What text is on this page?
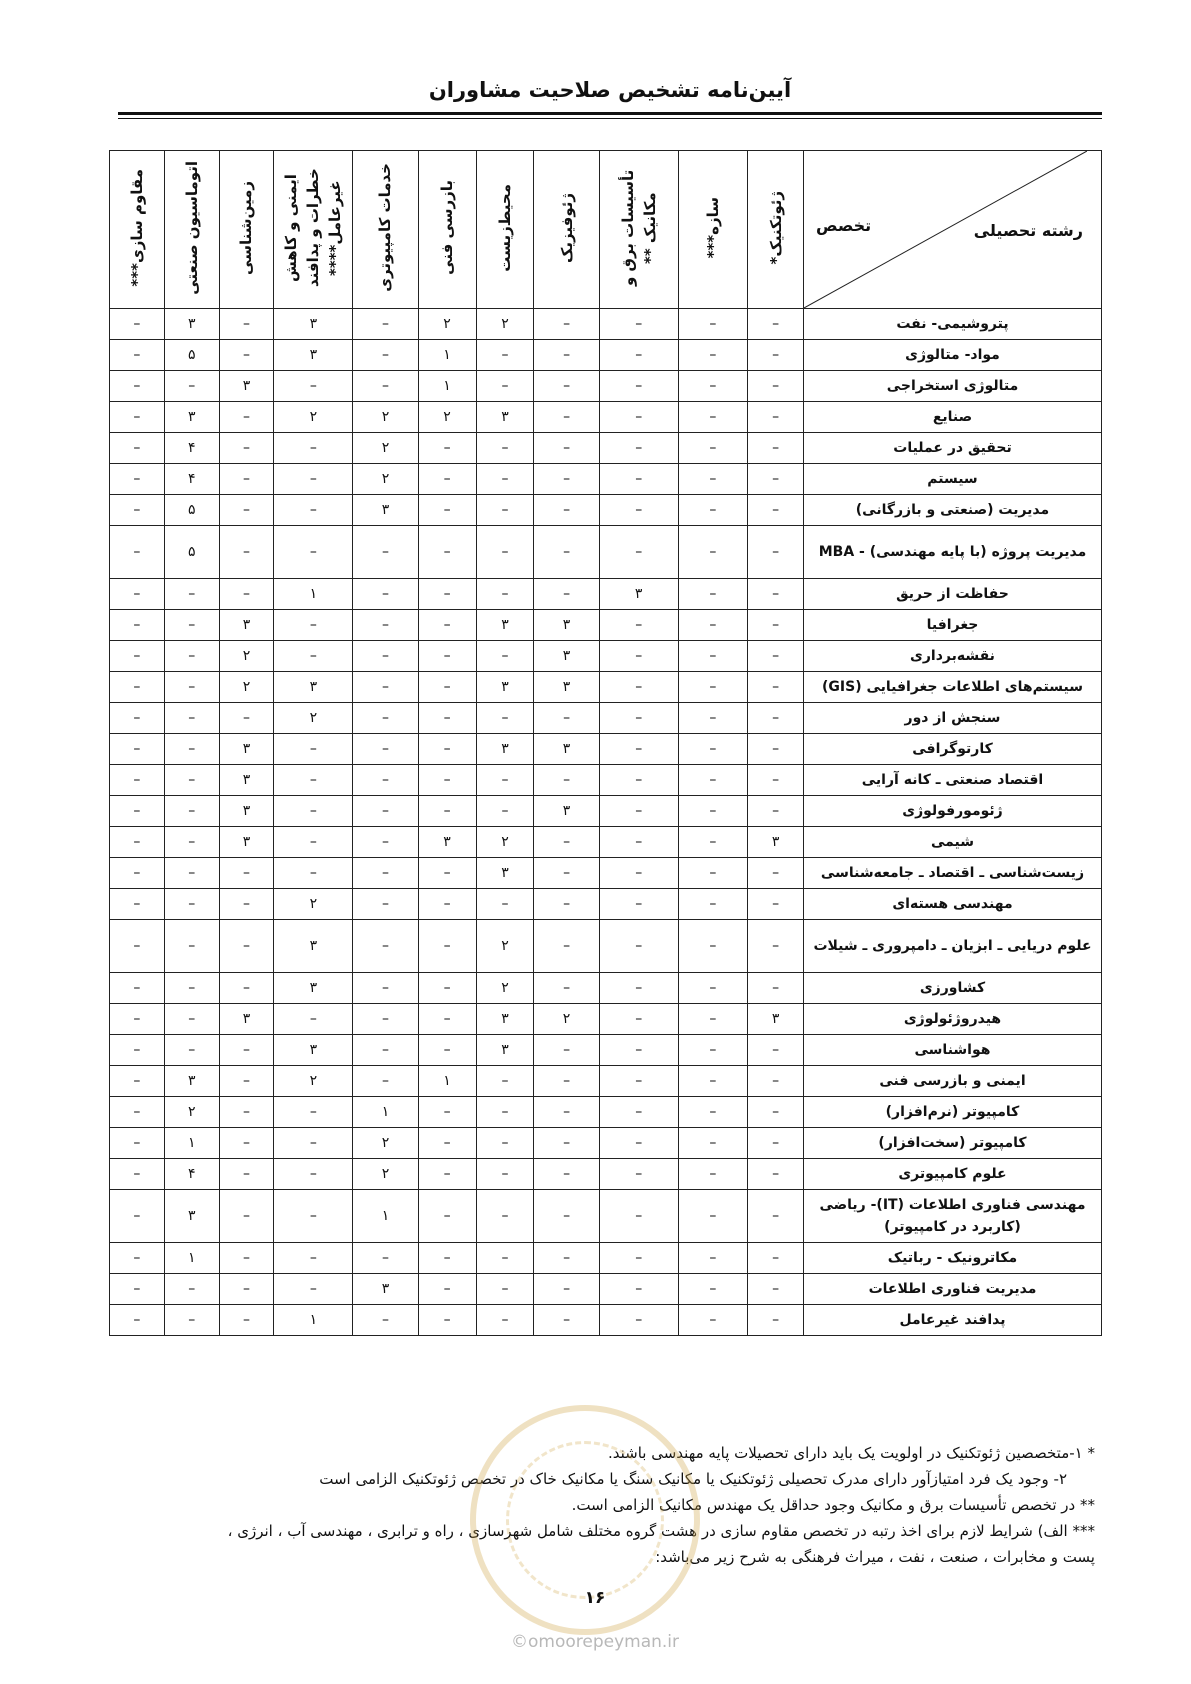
آیین‌نامه تشخیص صلاحیت مشاوران
رشته تحصیلی
تخصص	ژئوتکنیک*	سازه***	تأسیسات برق و مکانیک **	ژئوفیزیک	محیط‌زیست	بازرسی فنی	خدمات کامپیوتری	ایمنی و کاهش خطرات و پدافند غیرعامل****	زمین‌شناسی	اتوماسیون صنعتی	مقاوم سازی***
پتروشیمی- نفت	–	–	–	–	۲	۲	–	۳	–	۳	–
مواد- متالوژی	–	–	–	–	–	۱	–	۳	–	۵	–
متالوژی استخراجی	–	–	–	–	–	۱	–	–	۳	–	–
صنایع	–	–	–	–	۳	۲	۲	۲	–	۳	–
تحقیق در عملیات	–	–	–	–	–	–	۲	–	–	۴	–
سیستم	–	–	–	–	–	–	۲	–	–	۴	–
مدیریت (صنعتی و بازرگانی)	–	–	–	–	–	–	۳	–	–	۵	–
مدیریت پروژه (با پایه مهندسی) - MBA	–	–	–	–	–	–	–	–	–	۵	–
حفاظت از حریق	–	–	۳	–	–	–	–	۱	–	–	–
جغرافیا	–	–	–	۳	۳	–	–	–	۳	–	–
نقشه‌برداری	–	–	–	۳	–	–	–	–	۲	–	–
سیستم‌های اطلاعات جغرافیایی (GIS)	–	–	–	۳	۳	–	–	۳	۲	–	–
سنجش از دور	–	–	–	–	–	–	–	۲	–	–	–
کارتوگرافی	–	–	–	۳	۳	–	–	–	۳	–	–
اقتصاد صنعتی ـ کانه آرایی	–	–	–	–	–	–	–	–	۳	–	–
ژئومورفولوژی	–	–	–	۳	–	–	–	–	۳	–	–
شیمی	۳	–	–	–	۲	۳	–	–	۳	–	–
زیست‌شناسی ـ اقتصاد ـ جامعه‌شناسی	–	–	–	–	۳	–	–	–	–	–	–
مهندسی هسته‌ای	–	–	–	–	–	–	–	۲	–	–	–
علوم دریایی ـ ابزیان ـ دامپروری ـ شیلات	–	–	–	–	۲	–	–	۳	–	–	–
کشاورزی	–	–	–	–	۲	–	–	۳	–	–	–
هیدروژئولوژی	۳	–	–	۲	۳	–	–	–	۳	–	–
هواشناسی	–	–	–	–	۳	–	–	۳	–	–	–
ایمنی و بازرسی فنی	–	–	–	–	–	۱	–	۲	–	۳	–
کامپیوتر (نرم‌افزار)	–	–	–	–	–	–	۱	–	–	۲	–
کامپیوتر (سخت‌افزار)	–	–	–	–	–	–	۲	–	–	۱	–
علوم کامپیوتری	–	–	–	–	–	–	۲	–	–	۴	–
مهندسی فناوری اطلاعات (IT)- ریاضی (کاربرد در کامپیوتر)	–	–	–	–	–	–	۱	–	–	۳	–
مکاترونیک - رباتیک	–	–	–	–	–	–	–	–	–	۱	–
مدیریت فناوری اطلاعات	–	–	–	–	–	–	۳	–	–	–	–
پدافند غیرعامل	–	–	–	–	–	–	–	۱	–	–	–

* ۱-متخصصین ژئوتکنیک در اولویت یک باید دارای تحصیلات پایه مهندسی باشند.

۲- وجود یک فرد امتیازآور دارای مدرک تحصیلی ژئوتکنیک یا مکانیک سنگ یا مکانیک خاک در تخصص ژئوتکنیک الزامی است

** در تخصص تأسیسات برق و مکانیک وجود حداقل یک مهندس مکانیک الزامی است.

*** الف) شرایط لازم برای اخذ رتبه در تخصص مقاوم سازی در هشت گروه مختلف شامل شهرسازی ، راه و ترابری ، مهندسی آب ، انرژی ،

پست و مخابرات ، صنعت ، نفت ، میراث فرهنگی به شرح زیر می‌باشد:

۱۶
©omoorepeyman.ir
